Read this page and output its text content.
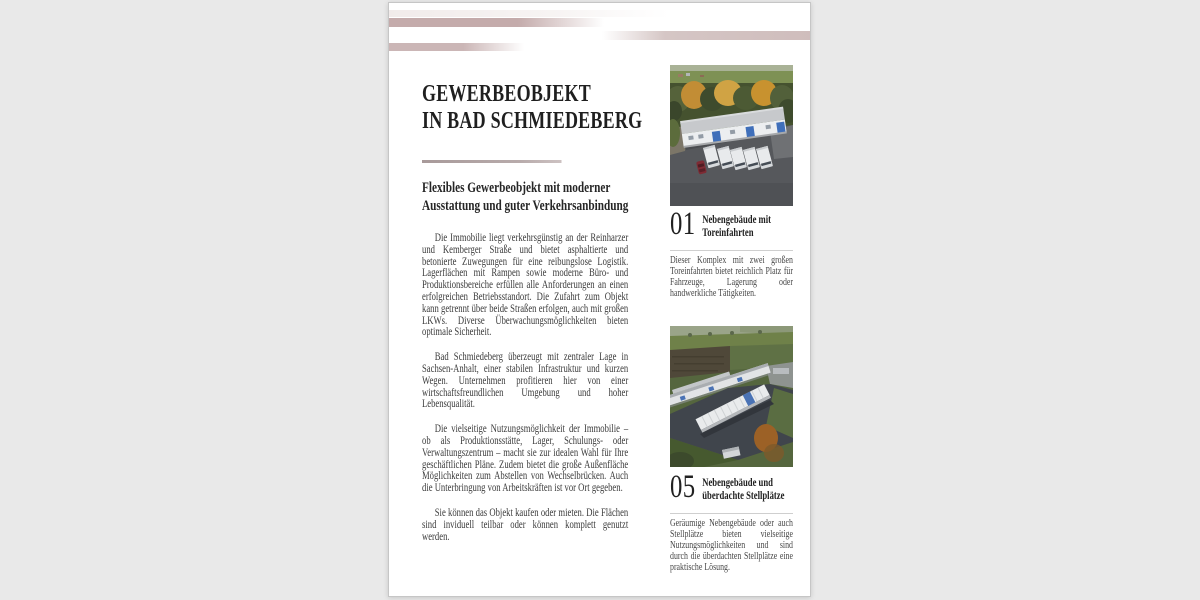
GEWERBEOBJEKT
IN BAD SCHMIEDEBERG
Flexibles Gewerbeobjekt mit moderner Ausstattung und guter Verkehrsanbindung

Die Immobilie liegt verkehrsgünstig an der Reinharzer und Kemberger Straße und bietet asphaltierte und betonierte Zuwegungen für eine reibungslose Logistik. Lagerflächen mit Rampen sowie moderne Büro- und Produktionsbereiche erfüllen alle Anforderungen an einen erfolgreichen Betriebsstandort. Die Zufahrt zum Objekt kann getrennt über beide Straßen erfolgen, auch mit großen LKWs. Diverse Überwachungsmöglichkeiten bieten optimale Sicherheit.

Bad Schmiedeberg überzeugt mit zentraler Lage in Sachsen-Anhalt, einer stabilen Infrastruktur und kurzen Wegen. Unternehmen profitieren hier von einer wirtschaftsfreundlichen Umgebung und hoher Lebensqualität.

Die vielseitige Nutzungsmöglichkeit der Immobilie – ob als Produktionsstätte, Lager, Schulungs- oder Verwaltungszentrum – macht sie zur idealen Wahl für Ihre geschäftlichen Pläne. Zudem bietet die große Außenfläche Möglichkeiten zum Abstellen von Wechselbrücken. Auch die Unterbringung von Arbeitskräften ist vor Ort gegeben.

Sie können das Objekt kaufen oder mieten. Die Flächen sind inviduell teilbar oder können komplett genutzt werden.

01 Nebengebäude mit Toreinfahrten
Dieser Komplex mit zwei großen Toreinfahrten bietet reichlich Platz für Fahrzeuge, Lagerung oder handwerkliche Tätigkeiten.
05 Nebengebäude und überdachte Stellplätze
Geräumige Nebengebäude oder auch Stellplätze bieten vielseitige Nutzungsmöglichkeiten und sind durch die überdachten Stellplätze eine praktische Lösung.
